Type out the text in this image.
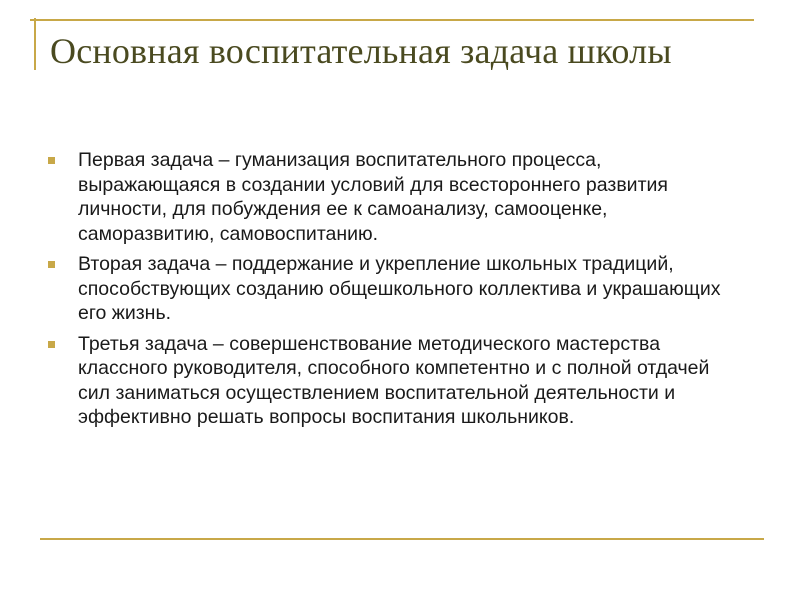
Основная воспитательная задача школы
Первая задача – гуманизация воспитательного процесса, выражающаяся в создании условий для всестороннего развития личности, для побуждения ее к самоанализу, самооценке, саморазвитию, самовоспитанию.
Вторая задача – поддержание и укрепление школьных традиций, способствующих созданию общешкольного коллектива и украшающих его жизнь.
Третья задача – совершенствование методического мастерства классного руководителя, способного компетентно и с полной отдачей сил заниматься осуществлением воспитательной деятельности и эффективно решать вопросы воспитания школьников.
